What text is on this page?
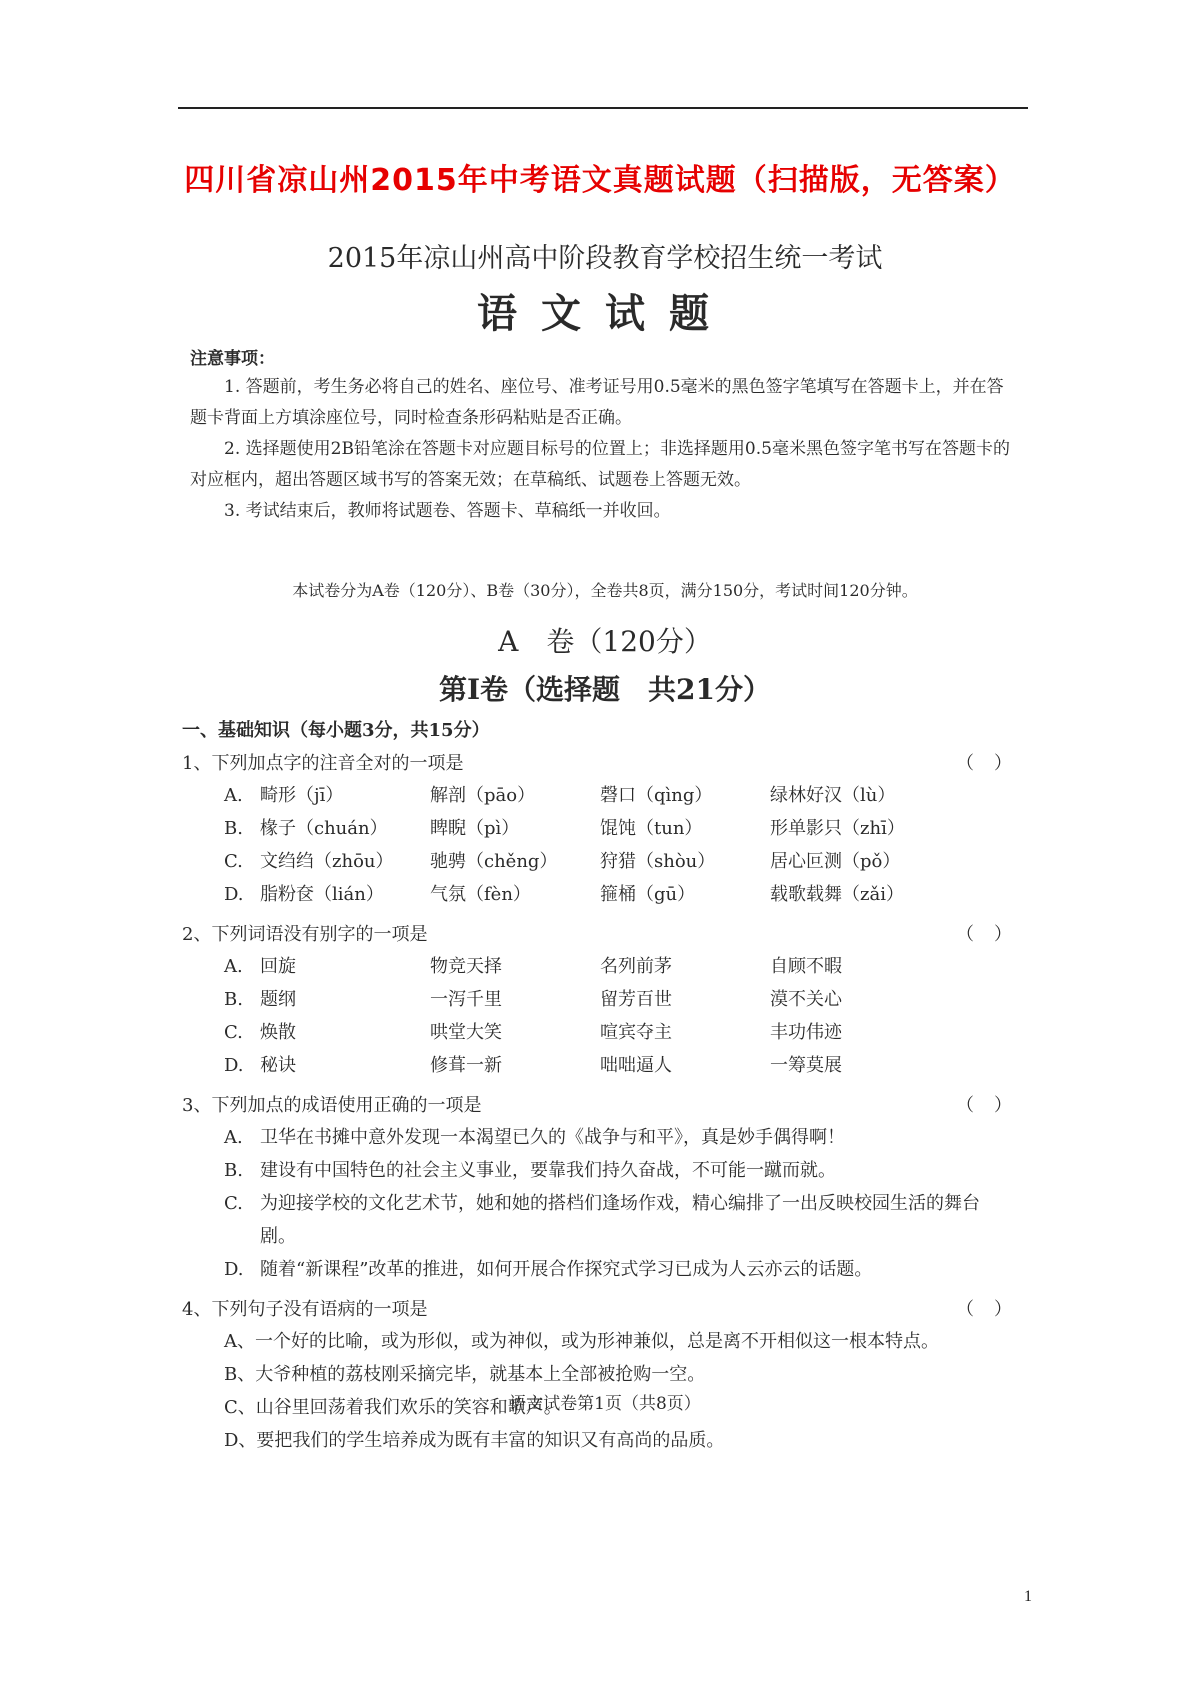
四川省凉山州2015年中考语文真题试题（扫描版，无答案）
2015年凉山州高中阶段教育学校招生统一考试
语文试题
注意事项：
1. 答题前，考生务必将自己的姓名、座位号、准考证号用0.5毫米的黑色签字笔填写在答题卡上，并在答题卡背面上方填涂座位号，同时检查条形码粘贴是否正确。
2. 选择题使用2B铅笔涂在答题卡对应题目标号的位置上；非选择题用0.5毫米黑色签字笔书写在答题卡的对应框内，超出答题区域书写的答案无效；在草稿纸、试题卷上答题无效。
3. 考试结束后，教师将试题卷、答题卡、草稿纸一并收回。
本试卷分为A卷（120分）、B卷（30分），全卷共8页，满分150分，考试时间120分钟。
A　卷（120分）
第Ⅰ卷（选择题　共21分）
一、基础知识（每小题3分，共15分）
1、下列加点字的注音全对的一项是	（ ）
A. 畸形（jī）	解剖（pāo）	磬口（qìng）	绿林好汉（lù）
B. 椽子（chuán）	睥睨（pì）	馄饨（tun）	形单影只（zhī）
C. 文绉绉（zhōu）	驰骋（chěng）	狩猎（shòu）	居心叵测（pǒ）
D. 脂粉奁（lián）	气氛（fèn）	箍桶（gū）	载歌载舞（zǎi）
2、下列词语没有别字的一项是	（ ）
A. 回旋	物竞天择	名列前茅	自顾不暇
B. 题纲	一泻千里	留芳百世	漠不关心
C. 焕散	哄堂大笑	喧宾夺主	丰功伟迹
D. 秘诀	修葺一新	咄咄逼人	一筹莫展
3、下列加点的成语使用正确的一项是	（ ）
A. 卫华在书摊中意外发现一本渴望已久的《战争与和平》，真是妙手偶得啊！
B. 建设有中国特色的社会主义事业，要靠我们持久奋战，不可能一蹴而就。
C. 为迎接学校的文化艺术节，她和她的搭档们逢场作戏，精心编排了一出反映校园生活的舞台剧。
D. 随着“新课程”改革的推进，如何开展合作探究式学习已成为人云亦云的话题。
4、下列句子没有语病的一项是	（ ）
A、一个好的比喻，或为形似，或为神似，或为形神兼似，总是离不开相似这一根本特点。
B、大爷种植的荔枝刚采摘完毕，就基本上全部被抢购一空。
C、山谷里回荡着我们欢乐的笑容和歌声。
D、要把我们的学生培养成为既有丰富的知识又有高尚的品质。
语文试卷第1页（共8页）
1
